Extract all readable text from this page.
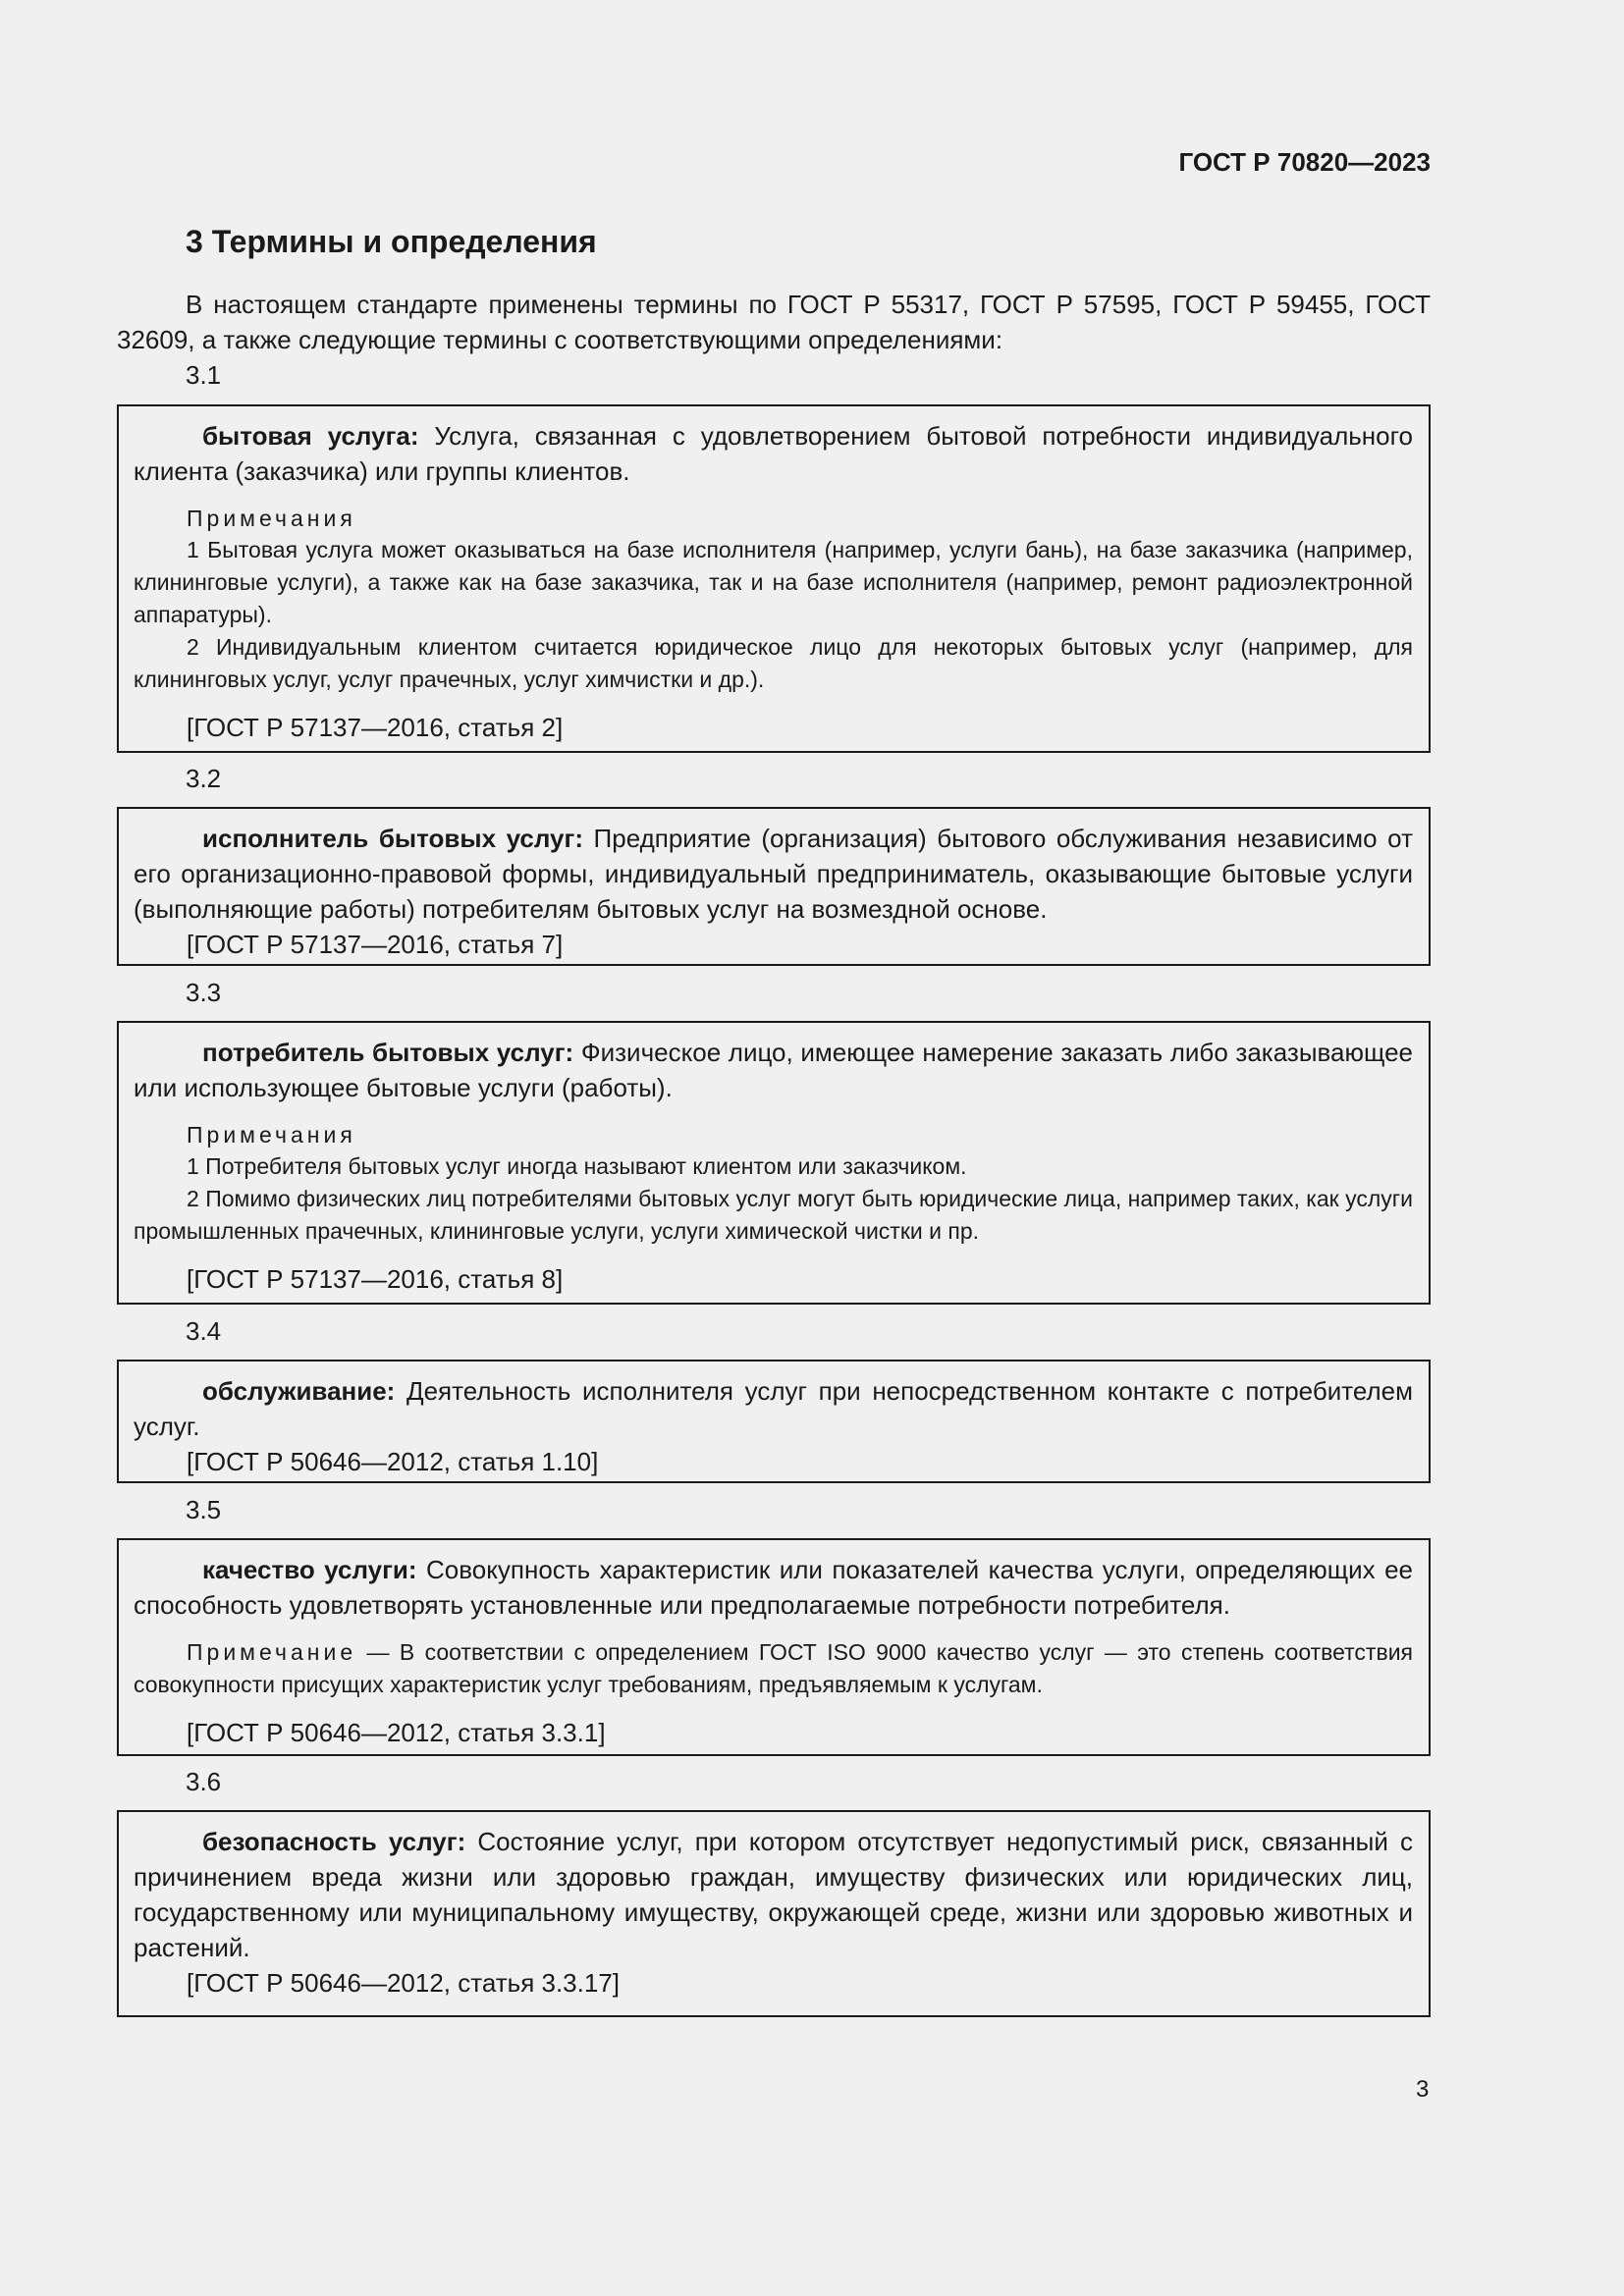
ГОСТ Р 70820—2023
3 Термины и определения
В настоящем стандарте применены термины по ГОСТ Р 55317, ГОСТ Р 57595, ГОСТ Р 59455, ГОСТ 32609, а также следующие термины с соответствующими определениями:
3.1

бытовая услуга: Услуга, связанная с удовлетворением бытовой потребности индивидуального клиента (заказчика) или группы клиентов.

Примечания

1 Бытовая услуга может оказываться на базе исполнителя (например, услуги бань), на базе заказчика (например, клининговые услуги), а также как на базе заказчика, так и на базе исполнителя (например, ремонт радиоэлектронной аппаратуры).

2 Индивидуальным клиентом считается юридическое лицо для некоторых бытовых услуг (например, для клининговых услуг, услуг прачечных, услуг химчистки и др.).

[ГОСТ Р 57137—2016, статья 2]

3.2

исполнитель бытовых услуг: Предприятие (организация) бытового обслуживания независимо от его организационно-правовой формы, индивидуальный предприниматель, оказывающие бытовые услуги (выполняющие работы) потребителям бытовых услуг на возмездной основе.

[ГОСТ Р 57137—2016, статья 7]

3.3

потребитель бытовых услуг: Физическое лицо, имеющее намерение заказать либо заказывающее или использующее бытовые услуги (работы).

Примечания

1 Потребителя бытовых услуг иногда называют клиентом или заказчиком.

2 Помимо физических лиц потребителями бытовых услуг могут быть юридические лица, например таких, как услуги промышленных прачечных, клининговые услуги, услуги химической чистки и пр.

[ГОСТ Р 57137—2016, статья 8]

3.4

обслуживание: Деятельность исполнителя услуг при непосредственном контакте с потребителем услуг.

[ГОСТ Р 50646—2012, статья 1.10]

3.5

качество услуги: Совокупность характеристик или показателей качества услуги, определяющих ее способность удовлетворять установленные или предполагаемые потребности потребителя.

Примечание — В соответствии с определением ГОСТ ISO 9000 качество услуг — это степень соответствия совокупности присущих характеристик услуг требованиям, предъявляемым к услугам.

[ГОСТ Р 50646—2012, статья 3.3.1]

3.6

безопасность услуг: Состояние услуг, при котором отсутствует недопустимый риск, связанный с причинением вреда жизни или здоровью граждан, имуществу физических или юридических лиц, государственному или муниципальному имуществу, окружающей среде, жизни или здоровью животных и растений.

[ГОСТ Р 50646—2012, статья 3.3.17]

3
